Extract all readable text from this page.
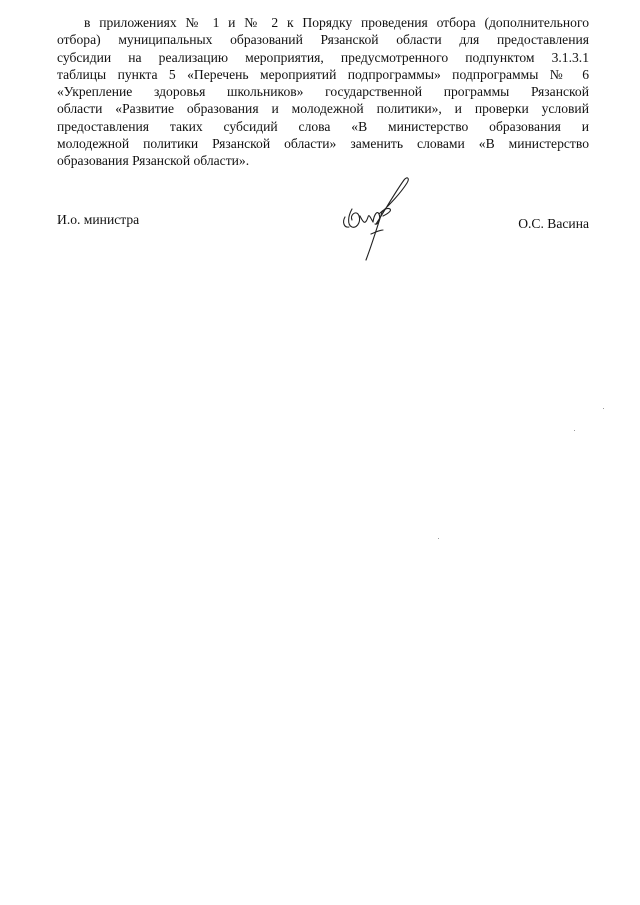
в приложениях № 1 и № 2 к Порядку проведения отбора (дополнительного
отбора) муниципальных образований Рязанской области для предоставления
субсидии на реализацию мероприятия, предусмотренного подпунктом 3.1.3.1
таблицы пункта 5 «Перечень мероприятий подпрограммы» подпрограммы № 6
«Укрепление здоровья школьников» государственной программы Рязанской
области «Развитие образования и молодежной политики», и проверки условий
предоставления таких субсидий слова «В министерство образования и
молодежной политики Рязанской области» заменить словами «В министерство
образования Рязанской области».

И.о. министра	О.С. Васина
